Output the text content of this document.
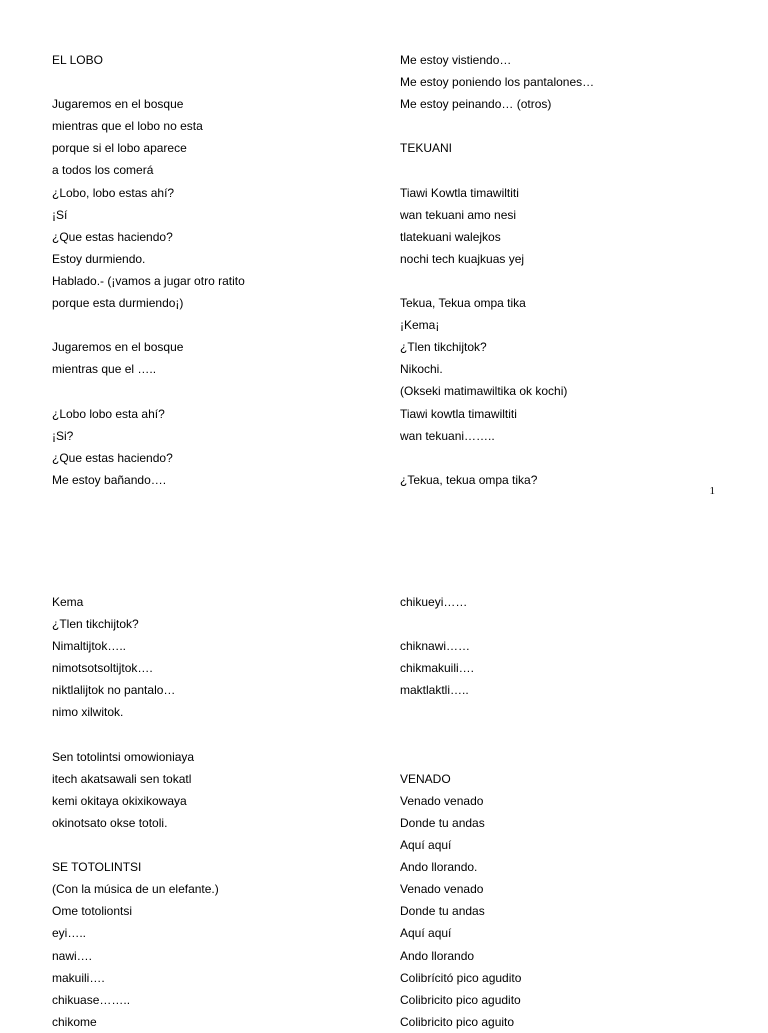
EL LOBO
Jugaremos en el bosque
mientras que el lobo no esta
porque si el lobo aparece
a todos los comerá
¿Lobo, lobo estas ahí?
¡Sí
¿Que estas haciendo?
Estoy durmiendo.
Hablado.- (¡vamos a jugar otro ratito
porque esta durmiendo¡)
Jugaremos en el bosque
mientras que el …..
¿Lobo lobo esta ahí?
¡Si?
¿Que estas haciendo?
Me estoy bañando….
Me estoy vistiendo…
Me estoy poniendo los pantalones…
Me estoy peinando… (otros)
TEKUANI
Tiawi Kowtla timawiltiti
wan tekuani amo nesi
tlatekuani walejkos
nochi tech kuajkuas yej
Tekua, Tekua ompa tika
¡Kema¡
¿Tlen tikchijtok?
Nikochi.
(Okseki matimawiltika ok kochi)
Tiawi kowtla timawiltiti
wan tekuani……..
¿Tekua, tekua ompa tika?
1
Kema
¿Tlen tikchijtok?
Nimaltijtok…..
nimotsotsoltijtok….
niktlalijtok no pantalo…
nimo xilwitok.
Sen totolintsi omowioniaya
itech akatsawali sen tokatl
kemi okitaya okixikowaya
okinotsato okse totoli.
SE TOTOLINTSI
(Con la música de un elefante.)
Ome totoliontsi
eyi…..
nawi….
makuili….
chikuase……..
chikome
chikueyi……
chiknawi……
chikmakuili….
maktlaktli…..
VENADO
Venado venado
Donde tu andas
Aquí aquí
Ando llorando.
Venado venado
Donde tu andas
Aquí aquí
Ando llorando
Colibrícitó pico agudito
Colibricito pico agudito
Colibricito pico aguito
